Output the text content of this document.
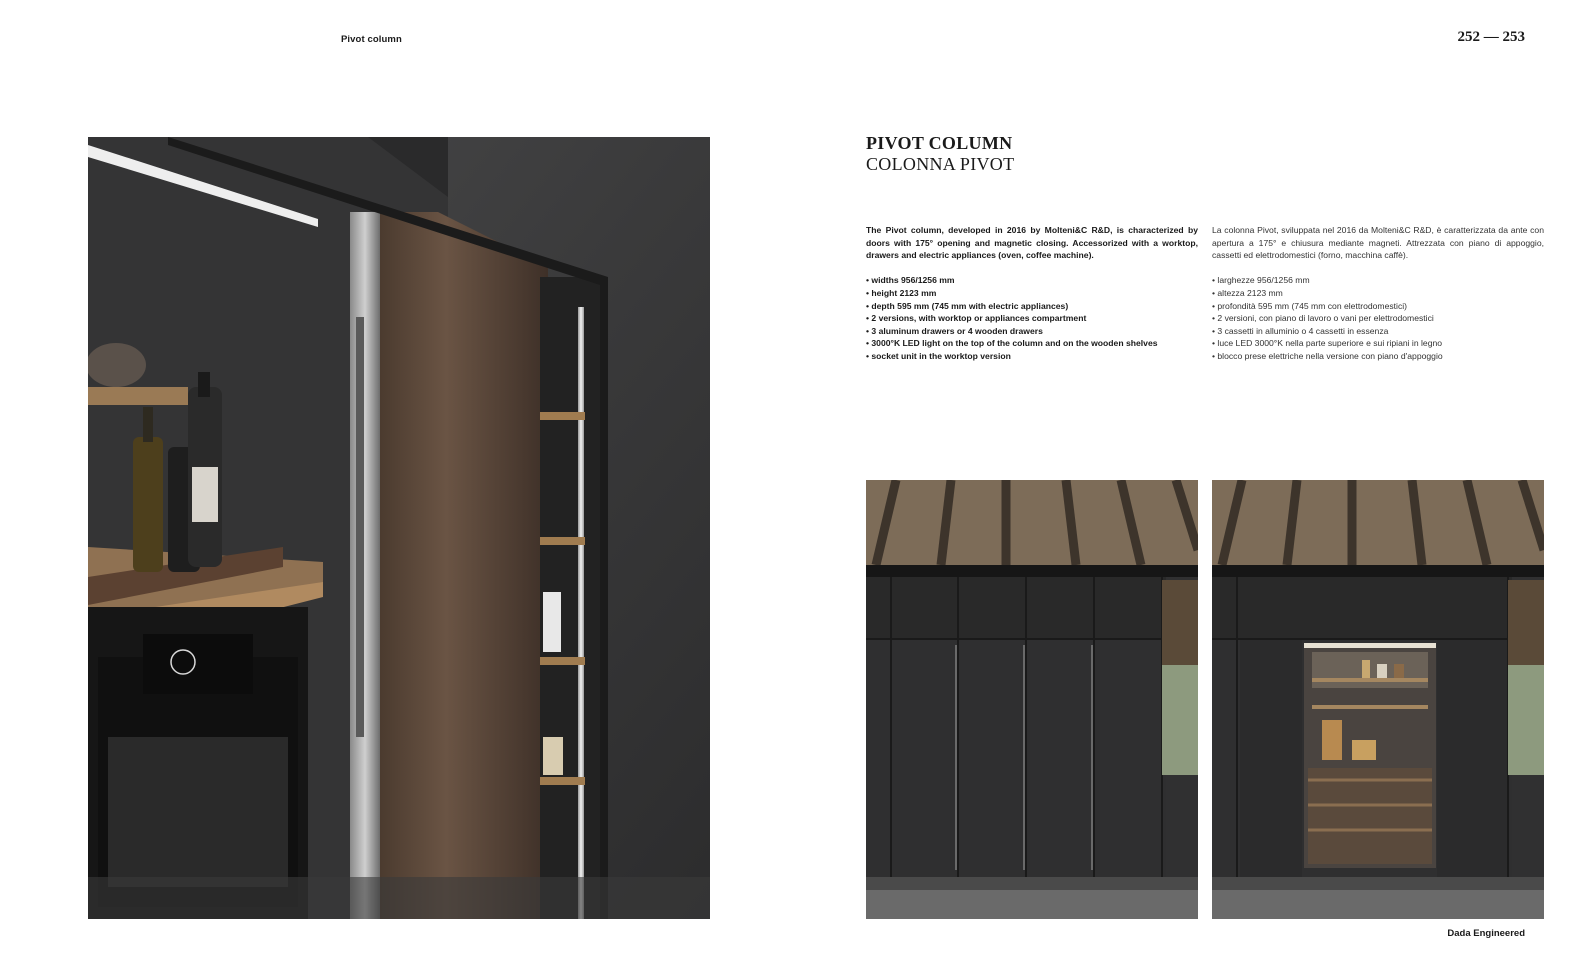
Pivot column	252 — 253
PIVOT COLUMN
COLONNA PIVOT

The Pivot column, developed in 2016 by Molteni&C R&D, is characterized by doors with 175° opening and magnetic closing. Accessorized with a worktop, drawers and electric appliances (oven, coffee machine).

• widths 956/1256 mm
• height 2123 mm
• depth 595 mm (745 mm with electric appliances)
• 2 versions, with worktop or appliances compartment
• 3 aluminum drawers or 4 wooden drawers
• 3000°K LED light on the top of the column and on the wooden shelves
• socket unit in the worktop version

La colonna Pivot, sviluppata nel 2016 da Molteni&C R&D, è caratterizzata da ante con apertura a 175° e chiusura mediante magneti. Attrezzata con piano di appoggio, cassetti ed elettrodomestici (forno, macchina caffè).

• larghezze 956/1256 mm
• altezza 2123 mm
• profondità 595 mm (745 mm con elettrodomestici)
• 2 versioni, con piano di lavoro o vani per elettrodomestici
• 3 cassetti in alluminio o 4 cassetti in essenza
• luce LED 3000°K nella parte superiore e sui ripiani in legno
• blocco prese elettriche nella versione con piano d'appoggio
Dada Engineered
